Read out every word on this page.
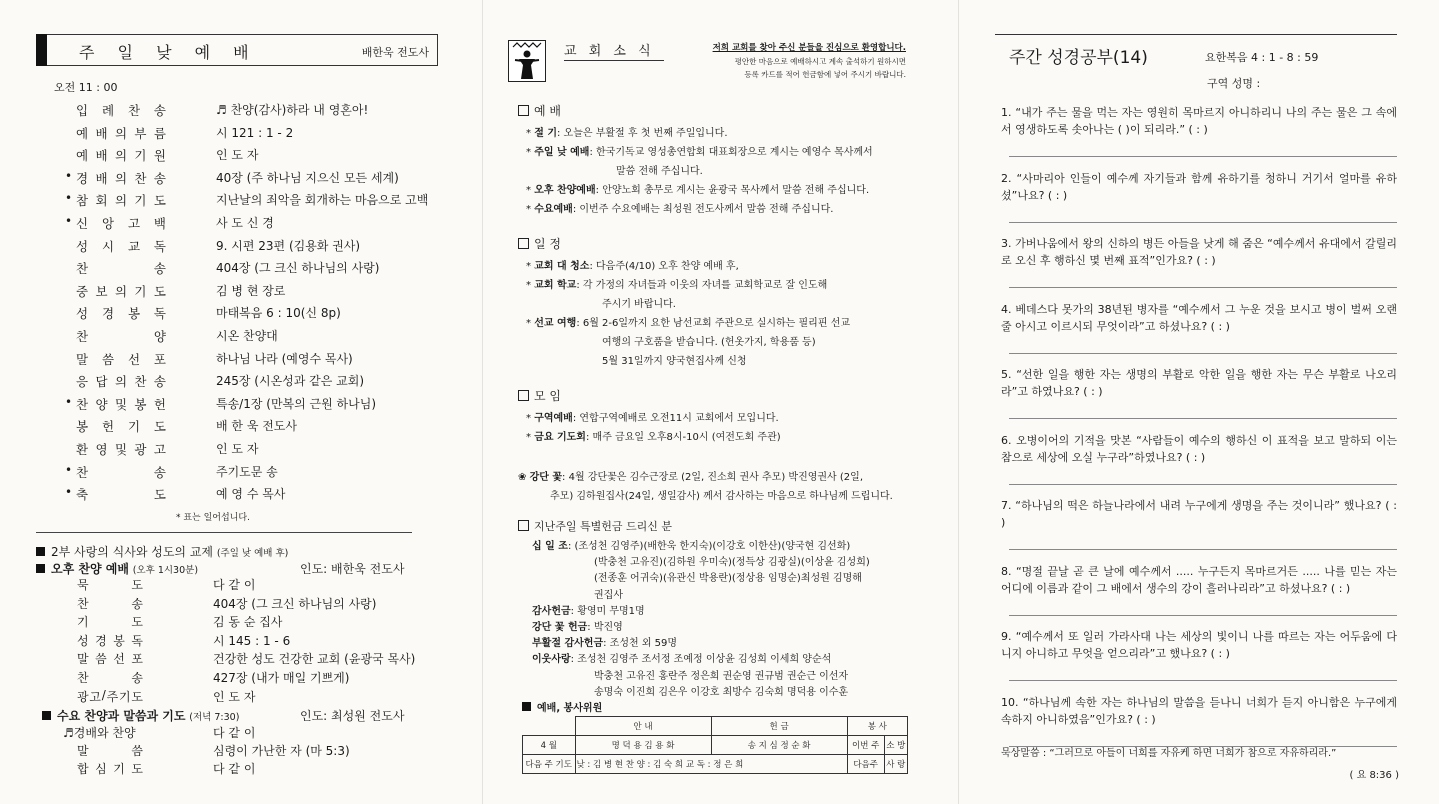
주 일 낮 예 배	배한욱 전도사
오전 11 : 00
입 례 찬 송	♬ 찬양(감사)하라 내 영혼아!
예 배 의 부 름	시 121 : 1 - 2
예 배 의 기 원	인 도 자
• 경 배 의 찬 송	40장 (주 하나님 지으신 모든 세계)
• 참 회 의 기 도	지난날의 죄악을 회개하는 마음으로 고백
• 신 앙 고 백	사 도 신 경
성 시 교 독	9. 시편 23편 (김용화 권사)
찬	송	404장 (그 크신 하나님의 사랑)
중 보 의 기 도	김 병 현 장로
성 경 봉 독	마태복음 6 : 10(신 8p)
찬	양	시온 찬양대
말 씀 선 포	하나님 나라 (예영수 목사)
응 답 의 찬 송	245장 (시온성과 같은 교회)
• 찬 양 및 봉 헌	특송/1장 (만복의 근원 하나님)
봉 헌 기 도	배 한 욱 전도사
환 영 및 광 고	인 도 자
• 찬	송	주기도문 송
• 축	도	예 영 수 목사
* 표는 일어섭니다.
2부 사랑의 식사와 성도의 교제 (주일 낮 예배 후)
오후 찬양 예배 (오후 1시30분)	인도: 배한욱 전도사
묵	도	다 같 이
찬	송	404장 (그 크신 하나님의 사랑)
기	도	김 동 순 집사
성 경 봉 독	시 145 : 1 - 6
말 씀 선 포	건강한 성도 건강한 교회 (윤광국 목사)
찬	송	427장 (내가 매일 기쁘게)
광 고 / 주 기 도	인 도 자
수요 찬양과 말씀과 기도 (저녁 7:30)	인도: 최성원 전도사
♬경배와 찬양	다 같 이
말	씀	심령이 가난한 자 (마 5:3)
합 심 기 도	다 같 이
교 회 소 식	저희 교회를 찾아 주신 분들을 진심으로 환영합니다.
평안한 마음으로 예배하시고 계속 출석하기 원하시면
등록 카드를 적어 헌금함에 넣어 주시기 바랍니다.
예 배
* 절 기: 오늘은 부활절 후 첫 번째 주일입니다.
* 주일 낮 예배: 한국기독교 영성총연합회 대표회장으로 계시는 예영수 목사께서
말씀 전해 주십니다.
* 오후 찬양예배: 안양노회 총무로 계시는 윤광국 목사께서 말씀 전해 주십니다.
* 수요예배: 이번주 수요예배는 최성원 전도사께서 말씀 전해 주십니다.
일 정
* 교회 대 청소: 다음주(4/10) 오후 찬양 예배 후,
* 교회 학교: 각 가정의 자녀들과 이웃의 자녀를 교회학교로 잘 인도해
주시기 바랍니다.
* 선교 여행: 6월 2-6일까지 요한 남선교회 주관으로 실시하는 필리핀 선교
여행의 구호품을 받습니다. (헌옷가지, 학용품 등)
5월 31일까지 양국현집사께 신청
모 임
* 구역예배: 연합구역예배로 오전11시 교회에서 모입니다.
* 금요 기도회: 매주 금요일 오후8시-10시 (여전도회 주관)
❀ 강단 꽃: 4월 강단꽃은 김수근장로 (2일, 진소희 권사 추모) 박진영권사 (2일,
추모) 김하원집사(24일, 생일감사) 께서 감사하는 마음으로 하나님께 드립니다.
지난주일 특별헌금 드리신 분
십 일 조: (조성천 김영주)(배한욱 한지숙)(이강호 이한산)(양국현 김선화)
(박충천 고유진)(김하원 우미숙)(정득상 김광실)(이상윤 김성희)
(전종훈 어귀숙)(유관신 박용란)(정상용 임명순)최성원 김명해
권집사
감사헌금: 황영미 무명1명
강단 꽃 헌금: 박진영
부활절 감사헌금: 조성천 외 59명
이웃사랑: 조성천 김영주 조서정 조예정 이상윤 김성희 이세희 양순석
박충천 고유진 홍란주 정은희 권순영 권규범 권순근 이선자
송명숙 이진희 김은우 이강호 최방수 김숙희 명덕용 이수훈
예배, 봉사위원
	안 내	헌 금	봉 사	
4 월	명 덕 용 김 용 화	송 지 심 정 순 화	이번 주	소 방
다음 주 기도	낮 : 김 병 현 찬 양 : 김 숙 희 교 독 : 정 은 희		다음주	사 랑
주간 성경공부(14)	요한복음 4 : 1 - 8 : 59
구역 성명 :
1. “내가 주는 물을 먹는 자는 영원히 목마르지 아니하리니 나의 주는 물은 그 속에서 영생하도록 솟아나는 ( )이 되리라.” ( : )
2. “사마리아 인들이 예수께 자기들과 함께 유하기를 청하니 거기서 얼마를 유하셨”나요? ( : )
3. 가버나움에서 왕의 신하의 병든 아들을 낫게 해 줌은 “예수께서 유대에서 갈릴리로 오신 후 행하신 몇 번째 표적”인가요? ( : )
4. 베데스다 못가의 38년된 병자를 “예수께서 그 누운 것을 보시고 병이 벌써 오랜 줄 아시고 이르시되 무엇이라”고 하셨나요? ( : )
5. “선한 일을 행한 자는 생명의 부활로 악한 일을 행한 자는 무슨 부활로 나오리라”고 하였나요? ( : )
6. 오병이어의 기적을 맛본 “사람들이 예수의 행하신 이 표적을 보고 말하되 이는 참으로 세상에 오실 누구라”하였나요? ( : )
7. “하나님의 떡은 하늘나라에서 내려 누구에게 생명을 주는 것이니라” 했나요? ( : )
8. “명절 끝날 곧 큰 날에 예수께서 ..... 누구든지 목마르거든 ..... 나를 믿는 자는 어디에 이름과 같이 그 배에서 생수의 강이 흘러나리라”고 하셨나요? ( : )
9. “예수께서 또 일러 가라사대 나는 세상의 빛이니 나를 따르는 자는 어두움에 다니지 아니하고 무엇을 얻으리라”고 했나요? ( : )
10. “하나님께 속한 자는 하나님의 말씀을 듣나니 너희가 듣지 아니함은 누구에게 속하지 아니하였음”인가요? ( : )
묵상말씀 : “그러므로 아들이 너희를 자유케 하면 너희가 참으로 자유하리라.”
( 요 8:36 )
